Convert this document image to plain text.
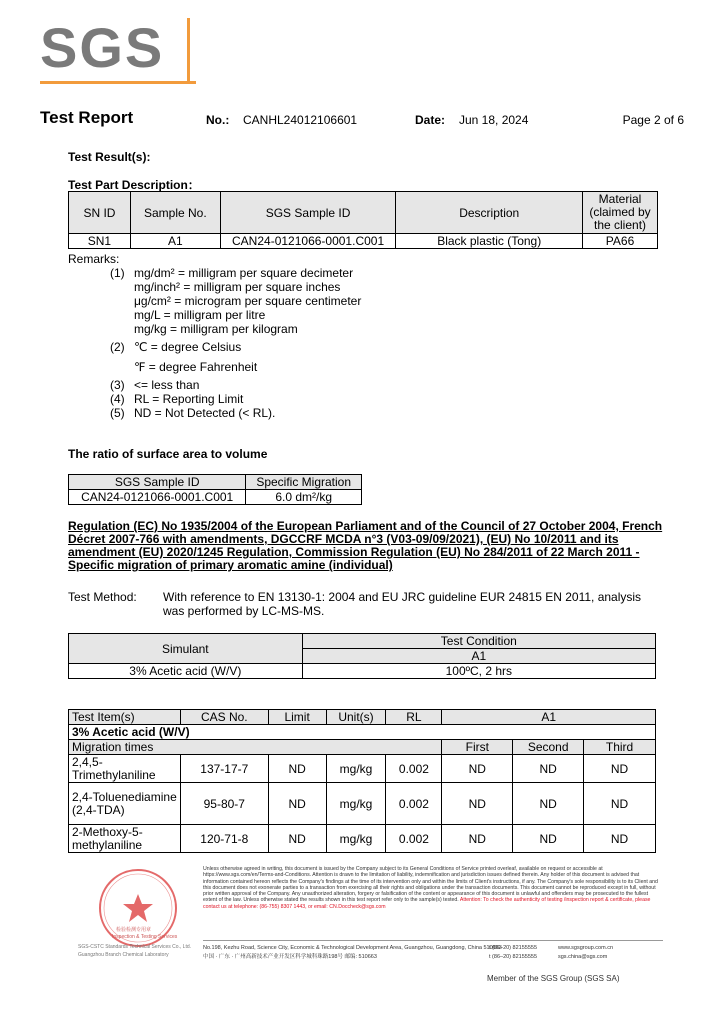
SGS
Test Report	No.: CANHL24012106601	Date: Jun 18, 2024	Page 2 of 6
Test Result(s):
Test Part Description：
SN ID	Sample No.	SGS Sample ID	Description	Material (claimed by the client)
SN1	A1	CAN24-0121066-0001.C001	Black plastic (Tong)	PA66
Remarks:
(1) mg/dm² = milligram per square decimeter
mg/inch² = milligram per square inches
μg/cm² = microgram per square centimeter
mg/L = milligram per litre
mg/kg = milligram per kilogram
(2) ℃ = degree Celsius
℉ = degree Fahrenheit
(3) <= less than
(4) RL = Reporting Limit
(5) ND = Not Detected (< RL).
The ratio of surface area to volume
SGS Sample ID	Specific Migration
CAN24-0121066-0001.C001	6.0 dm²/kg
Regulation (EC) No 1935/2004 of the European Parliament and of the Council of 27 October 2004, French Décret 2007-766 with amendments, DGCCRF MCDA n°3 (V03-09/09/2021), (EU) No 10/2011 and its amendment (EU) 2020/1245 Regulation, Commission Regulation (EU) No 284/2011 of 22 March 2011 - Specific migration of primary aromatic amine (individual)
Test Method: With reference to EN 13130-1: 2004 and EU JRC guideline EUR 24815 EN 2011, analysis was performed by LC-MS-MS.
Simulant	Test Condition
	A1
3% Acetic acid (W/V)	100ºC, 2 hrs
Test Item(s)	CAS No.	Limit	Unit(s)	RL	A1		
3% Acetic acid (W/V)							
Migration times					First	Second	Third
2,4,5-Trimethylaniline	137-17-7	ND	mg/kg	0.002	ND	ND	ND
2,4-Toluenediamine(2,4-TDA)	95-80-7	ND	mg/kg	0.002	ND	ND	ND
2-Methoxy-5-methylaniline	120-71-8	ND	mg/kg	0.002	ND	ND	ND
检验检测专用章
Inspection & Testing Services
SGS-CSTC Standards Technical Services Co., Ltd.
Guangzhou Branch Chemical Laboratory
Unless otherwise agreed in writing, this document is issued by the Company subject to its General Conditions of Service printed overleaf, available on request or accessible at https://www.sgs.com/en/Terms-and-Conditions. Attention is drawn to the limitation of liability, indemnification and jurisdiction issues defined therein. Any holder of this document is advised that information contained hereon reflects the Company's findings at the time of its intervention only and within the limits of Client's instructions, if any. The Company's sole responsibility is to its Client and this document does not exonerate parties to a transaction from exercising all their rights and obligations under the transaction documents. This document cannot be reproduced except in full, without prior written approval of the Company. Any unauthorized alteration, forgery or falsification of the content or appearance of this document is unlawful and offenders may be prosecuted to the fullest extent of the law. Unless otherwise stated the results shown in this test report refer only to the sample(s) tested. Attention: To check the authenticity of testing /inspection report & certificate, please contact us at telephone: (86-755) 8307 1443, or email: CN.Doccheck@sgs.com
No.198, Kezhu Road, Science City, Economic & Technological Development Area, Guangzhou, Guangdong, China 510663
中国 · 广东 · 广州高新技术产业开发区科学城科珠路198号 邮编: 510663
t (86–20) 82155555
t (86–20) 82155555
www.sgsgroup.com.cn
sgs.china@sgs.com
Member of the SGS Group (SGS SA)
